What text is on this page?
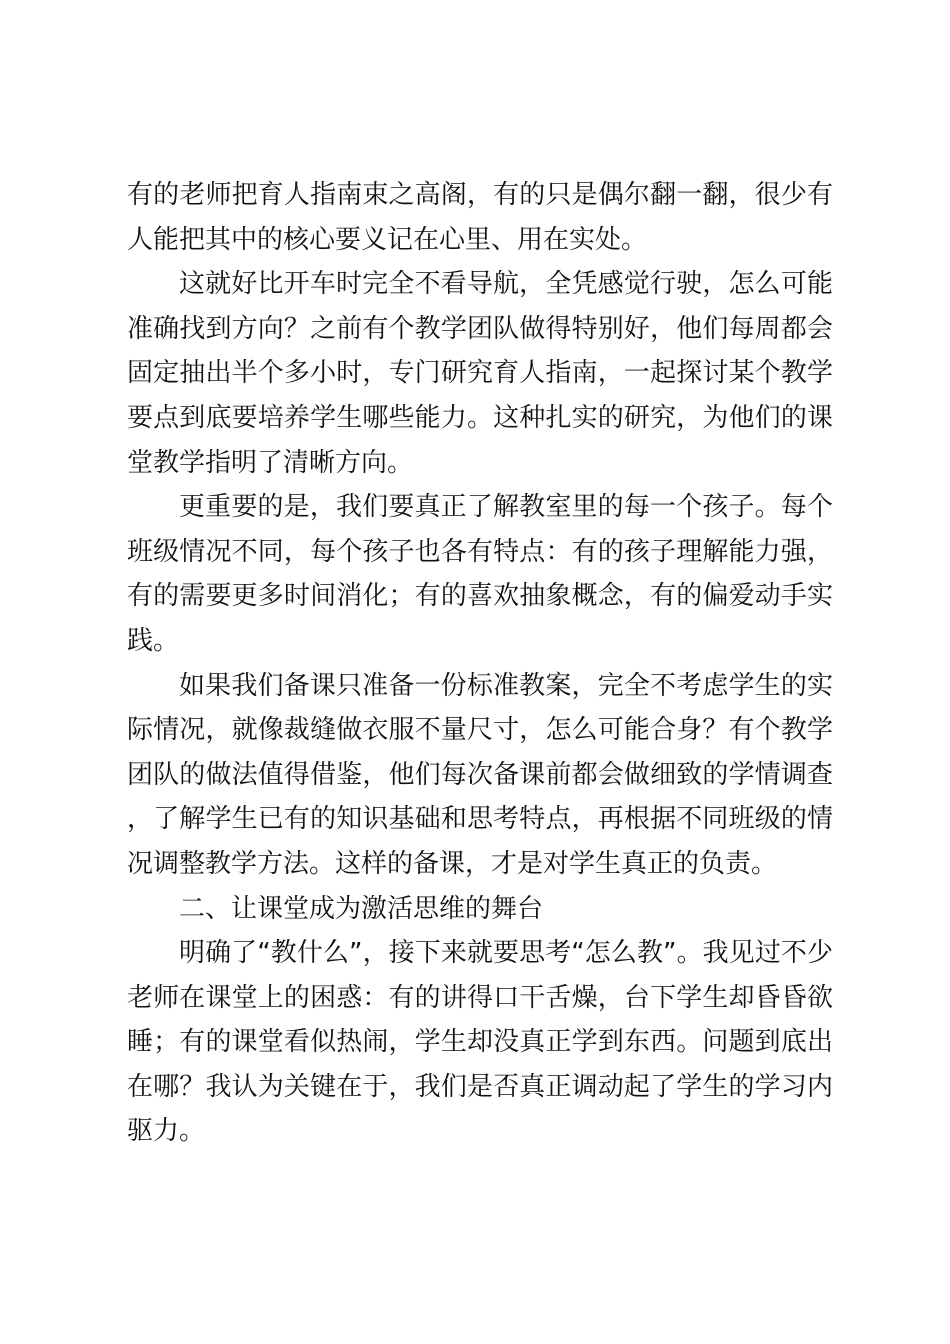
有的老师把育人指南束之高阁，有的只是偶尔翻一翻，很少有人能把其中的核心要义记在心里、用在实处。

这就好比开车时完全不看导航，全凭感觉行驶，怎么可能准确找到方向？之前有个教学团队做得特别好，他们每周都会固定抽出半个多小时，专门研究育人指南，一起探讨某个教学要点到底要培养学生哪些能力。这种扎实的研究，为他们的课堂教学指明了清晰方向。

更重要的是，我们要真正了解教室里的每一个孩子。每个班级情况不同，每个孩子也各有特点：有的孩子理解能力强，有的需要更多时间消化；有的喜欢抽象概念，有的偏爱动手实践。

如果我们备课只准备一份标准教案，完全不考虑学生的实际情况，就像裁缝做衣服不量尺寸，怎么可能合身？有个教学团队的做法值得借鉴，他们每次备课前都会做细致的学情调查，了解学生已有的知识基础和思考特点，再根据不同班级的情况调整教学方法。这样的备课，才是对学生真正的负责。

二、让课堂成为激活思维的舞台

明确了“教什么”，接下来就要思考“怎么教”。我见过不少老师在课堂上的困惑：有的讲得口干舌燥，台下学生却昏昏欲睡；有的课堂看似热闹，学生却没真正学到东西。问题到底出在哪？我认为关键在于，我们是否真正调动起了学生的学习内驱力。
